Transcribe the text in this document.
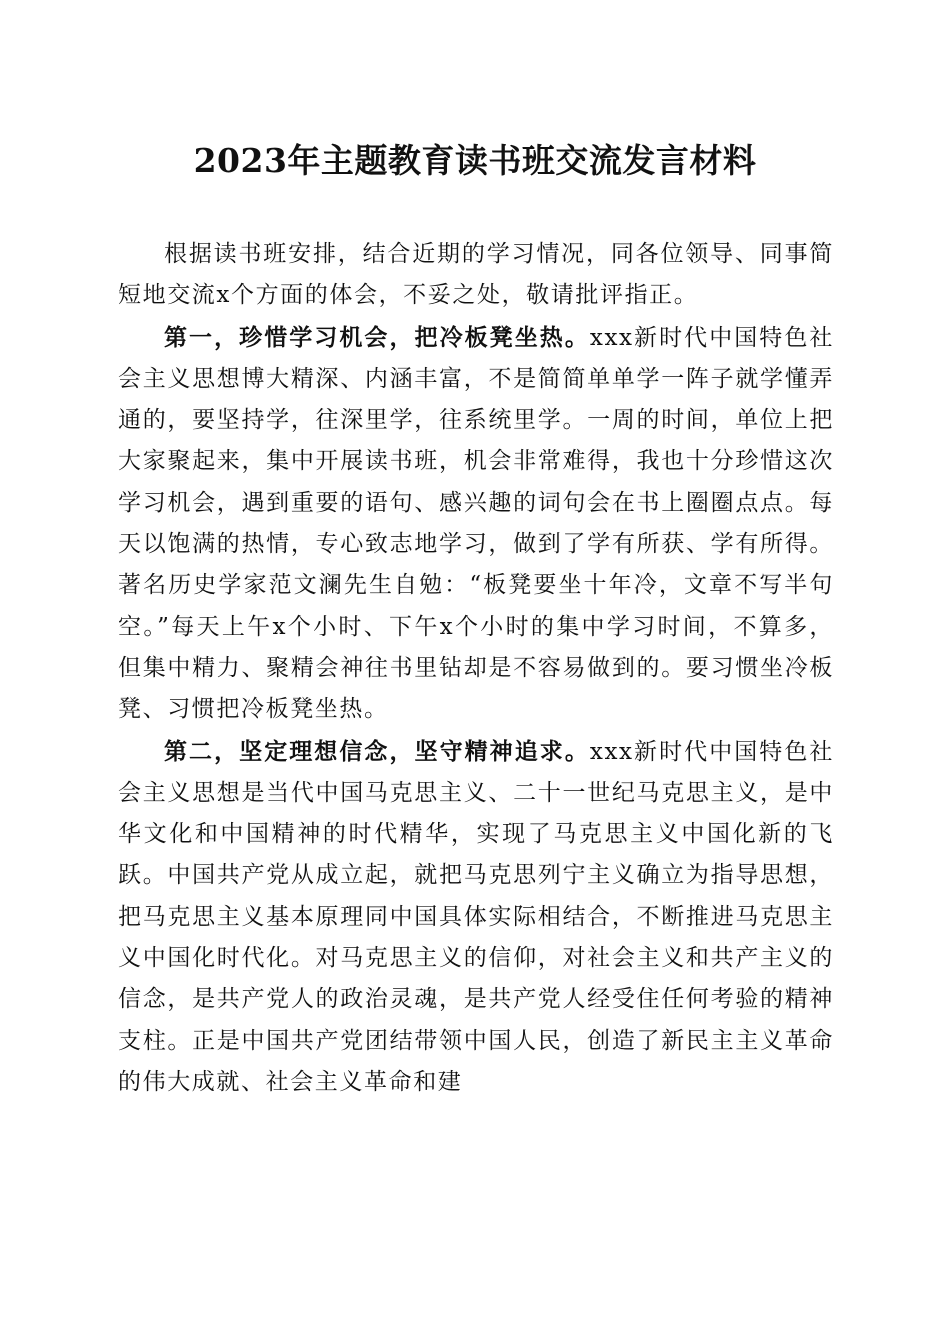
2023年主题教育读书班交流发言材料

根据读书班安排，结合近期的学习情况，同各位领导、同事简短地交流x个方面的体会，不妥之处，敬请批评指正。

第一，珍惜学习机会，把冷板凳坐热。xxx新时代中国特色社会主义思想博大精深、内涵丰富，不是简简单单学一阵子就学懂弄通的，要坚持学，往深里学，往系统里学。一周的时间，单位上把大家聚起来，集中开展读书班，机会非常难得，我也十分珍惜这次学习机会，遇到重要的语句、感兴趣的词句会在书上圈圈点点。每天以饱满的热情，专心致志地学习，做到了学有所获、学有所得。著名历史学家范文澜先生自勉：“板凳要坐十年冷，文章不写半句空。”每天上午x个小时、下午x个小时的集中学习时间，不算多，但集中精力、聚精会神往书里钻却是不容易做到的。要习惯坐冷板凳、习惯把冷板凳坐热。

第二，坚定理想信念，坚守精神追求。xxx新时代中国特色社会主义思想是当代中国马克思主义、二十一世纪马克思主义，是中华文化和中国精神的时代精华，实现了马克思主义中国化新的飞跃。中国共产党从成立起，就把马克思列宁主义确立为指导思想，把马克思主义基本原理同中国具体实际相结合，不断推进马克思主义中国化时代化。对马克思主义的信仰，对社会主义和共产主义的信念，是共产党人的政治灵魂，是共产党人经受住任何考验的精神支柱。正是中国共产党团结带领中国人民，创造了新民主主义革命的伟大成就、社会主义革命和建
